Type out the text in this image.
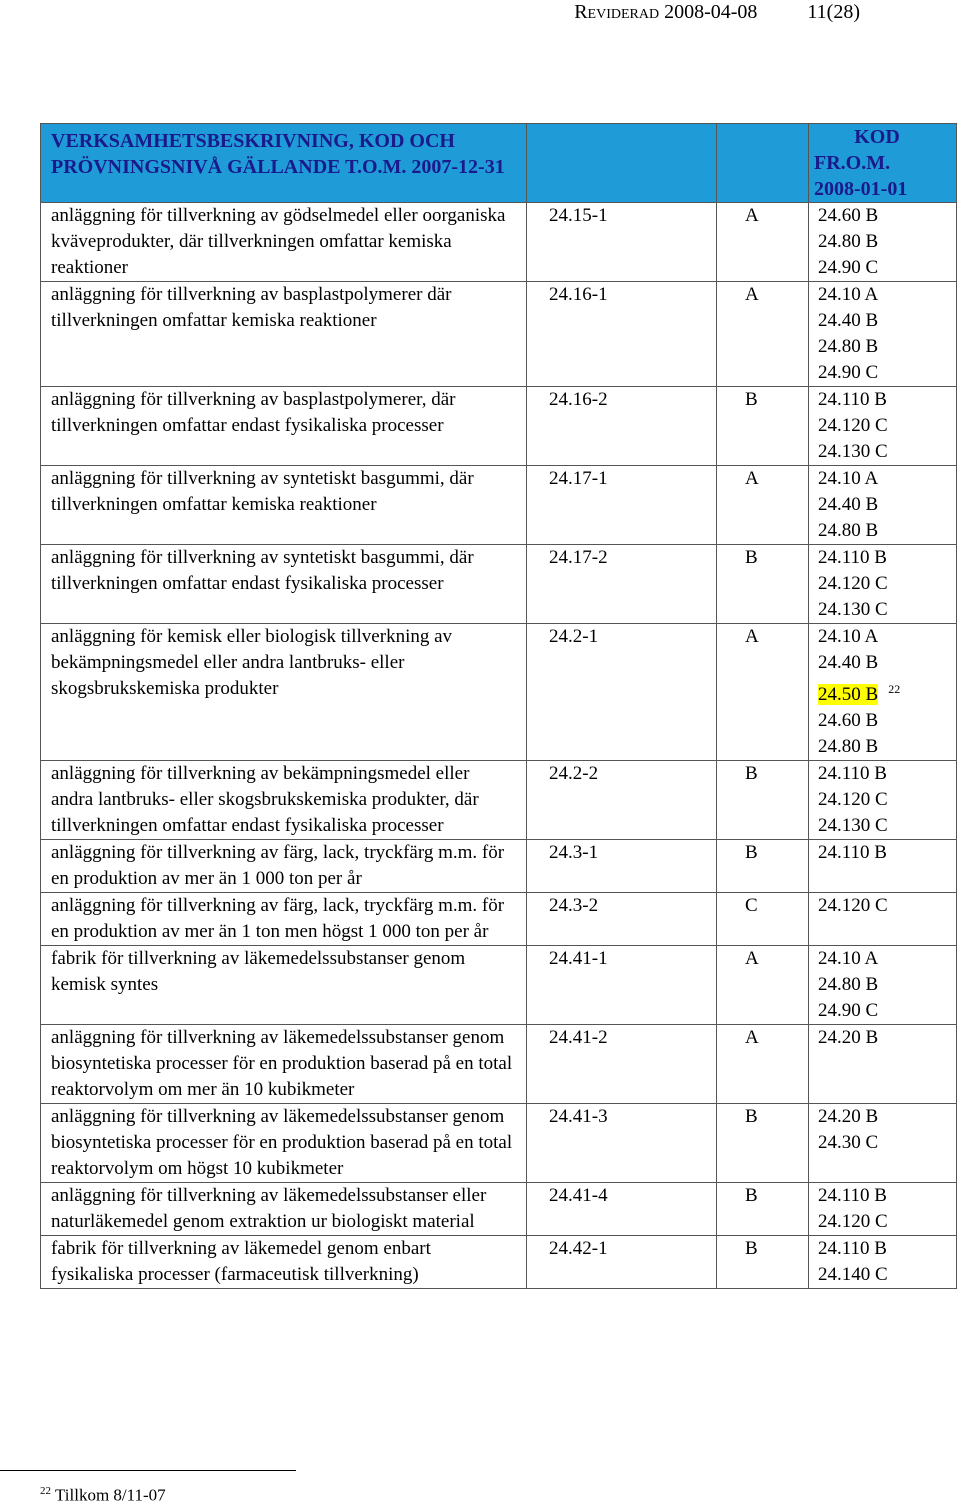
Reviderad 2008-04-08	11(28)
VERKSAMHETSBESKRIVNING, KOD OCH PRÖVNINGSNIVÅ GÄLLANDE T.O.M. 2007-12-31			KOD
FR.O.M.
2008-01-01

anläggning för tillverkning av gödselmedel eller oorganiska kväveprodukter, där tillverkningen omfattar kemiska reaktioner	24.15-1	A	24.60 B
24.80 B
24.90 C

anläggning för tillverkning av basplastpolymerer där tillverkningen omfattar kemiska reaktioner	24.16-1	A	24.10 A
24.40 B
24.80 B
24.90 C

anläggning för tillverkning av basplastpolymerer, där tillverkningen omfattar endast fysikaliska processer	24.16-2	B	24.110 B
24.120 C
24.130 C

anläggning för tillverkning av syntetiskt basgummi, där tillverkningen omfattar kemiska reaktioner	24.17-1	A	24.10 A
24.40 B
24.80 B

anläggning för tillverkning av syntetiskt basgummi, där tillverkningen omfattar endast fysikaliska processer	24.17-2	B	24.110 B
24.120 C
24.130 C

anläggning för kemisk eller biologisk tillverkning av bekämpningsmedel eller andra lantbruks- eller skogsbrukskemiska produkter	24.2-1	A	24.10 A
24.40 B
24.50 B $^{22}$
24.60 B
24.80 B

anläggning för tillverkning av bekämpningsmedel eller andra lantbruks- eller skogsbrukskemiska produkter, där tillverkningen omfattar endast fysikaliska processer	24.2-2	B	24.110 B
24.120 C
24.130 C

anläggning för tillverkning av färg, lack, tryckfärg m.m. för en produktion av mer än 1 000 ton per år	24.3-1	B	24.110 B

anläggning för tillverkning av färg, lack, tryckfärg m.m. för en produktion av mer än 1 ton men högst 1 000 ton per år	24.3-2	C	24.120 C

fabrik för tillverkning av läkemedelssubstanser genom kemisk syntes	24.41-1	A	24.10 A
24.80 B
24.90 C

anläggning för tillverkning av läkemedelssubstanser genom biosyntetiska processer för en produktion baserad på en total reaktorvolym om mer än 10 kubikmeter	24.41-2	A	24.20 B

anläggning för tillverkning av läkemedelssubstanser genom biosyntetiska processer för en produktion baserad på en total reaktorvolym om högst 10 kubikmeter	24.41-3	B	24.20 B
24.30 C

anläggning för tillverkning av läkemedelssubstanser eller naturläkemedel genom extraktion ur biologiskt material	24.41-4	B	24.110 B
24.120 C

fabrik för tillverkning av läkemedel genom enbart fysikaliska processer (farmaceutisk tillverkning)	24.42-1	B	24.110 B
24.140 C
$^{22}$ Tillkom 8/11-07
